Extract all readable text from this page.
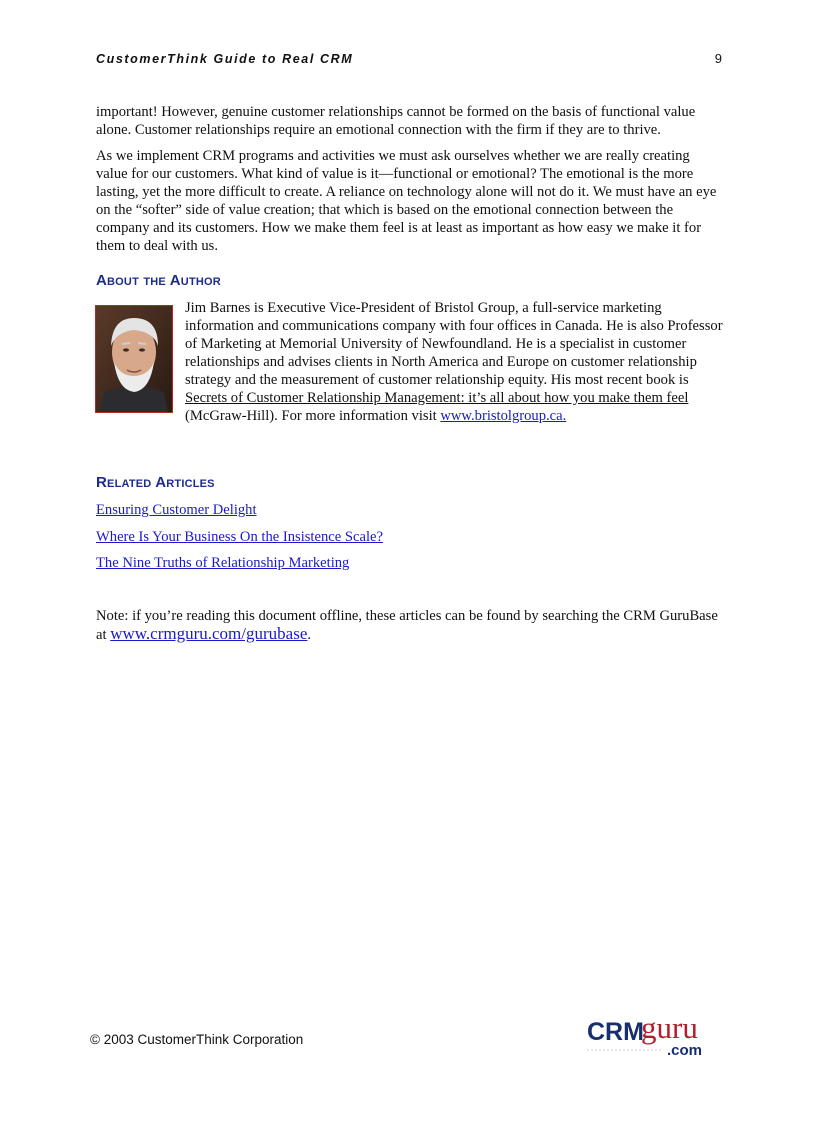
CustomerThink Guide to Real CRM	9

important! However, genuine customer relationships cannot be formed on the basis of functional value alone. Customer relationships require an emotional connection with the firm if they are to thrive.

As we implement CRM programs and activities we must ask ourselves whether we are really creating value for our customers. What kind of value is it—functional or emotional? The emotional is the more lasting, yet the more difficult to create. A reliance on technology alone will not do it. We must have an eye on the “softer” side of value creation; that which is based on the emotional connection between the company and its customers. How we make them feel is at least as important as how easy we make it for them to deal with us.

About the Author
Jim Barnes is Executive Vice-President of Bristol Group, a full-service marketing information and communications company with four offices in Canada. He is also Professor of Marketing at Memorial University of Newfoundland. He is a specialist in customer relationships and advises clients in North America and Europe on customer relationship strategy and the measurement of customer relationship equity. His most recent book is Secrets of Customer Relationship Management: it’s all about how you make them feel (McGraw-Hill). For more information visit www.bristolgroup.ca.
Related Articles
Ensuring Customer Delight
Where Is Your Business On the Insistence Scale?
The Nine Truths of Relationship Marketing
Note: if you’re reading this document offline, these articles can be found by searching the CRM GuruBase at www.crmguru.com/gurubase.
© 2003 CustomerThink Corporation	CRM
guru
.com
